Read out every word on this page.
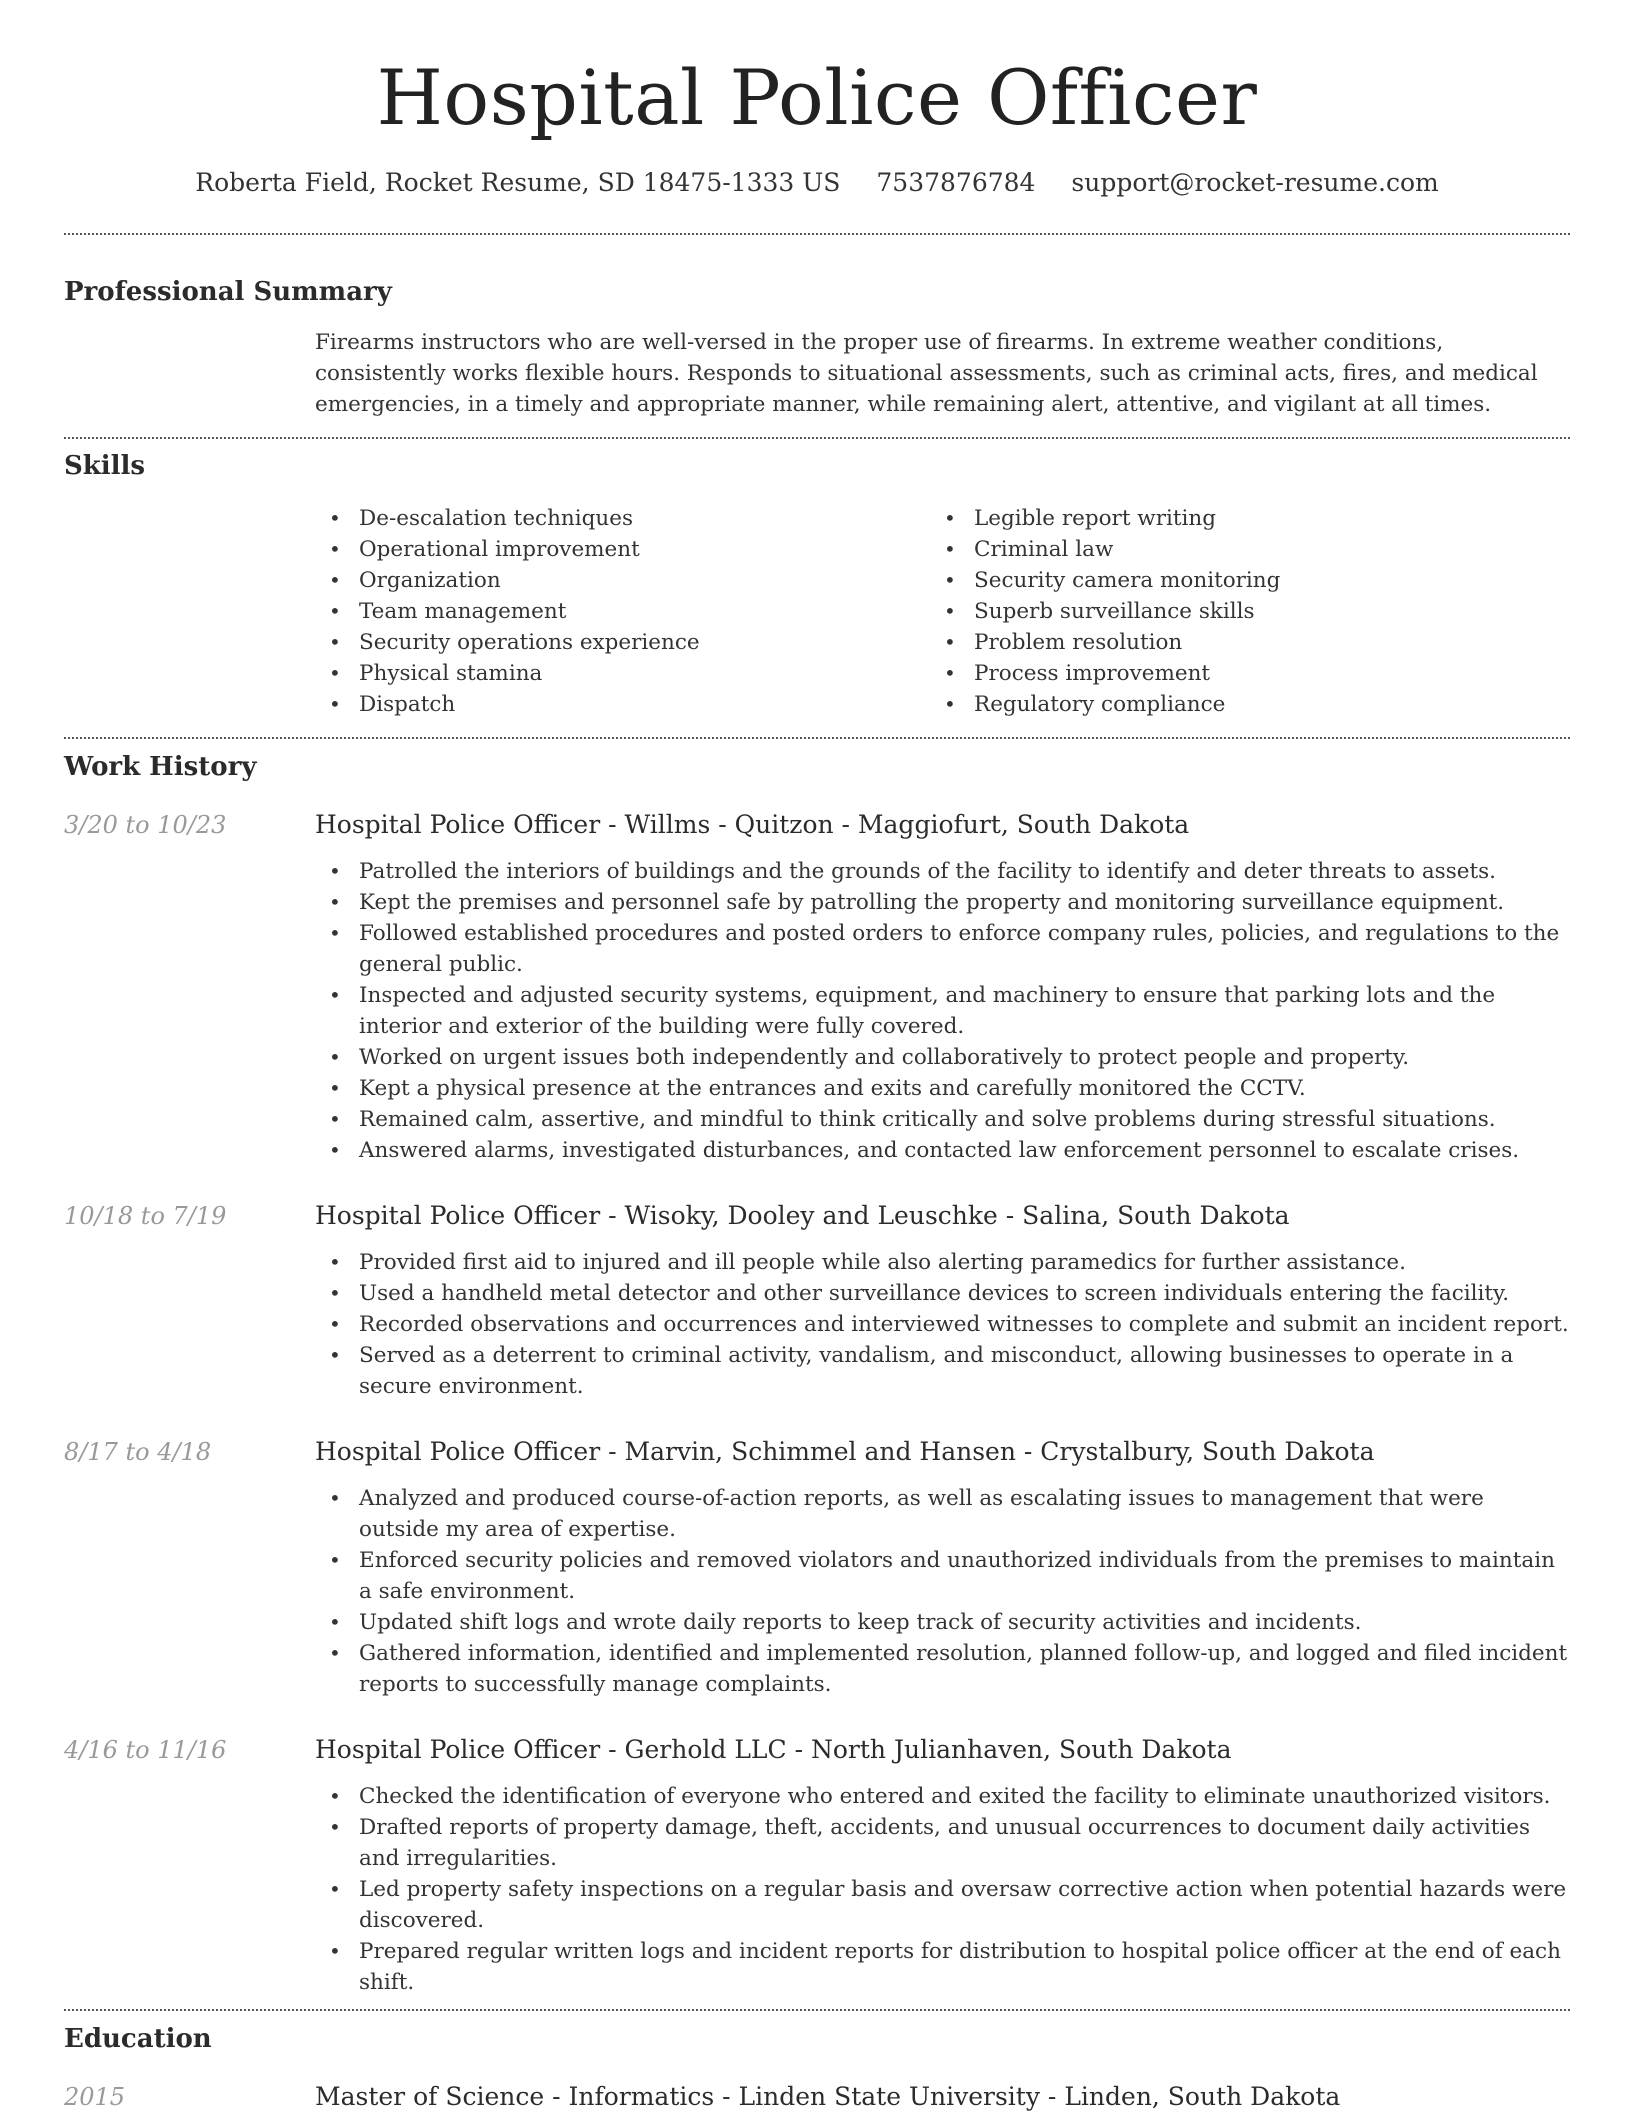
Hospital Police Officer
Roberta Field, Rocket Resume, SD 18475-1333 US 7537876784 support@rocket-resume.com
Professional Summary

Firearms instructors who are well-versed in the proper use of firearms. In extreme weather conditions, consistently works flexible hours. Responds to situational assessments, such as criminal acts, fires, and medical emergencies, in a timely and appropriate manner, while remaining alert, attentive, and vigilant at all times.

Skills
• De-escalation techniques
• Operational improvement
• Organization
• Team management
• Security operations experience
• Physical stamina
• Dispatch
• Legible report writing
• Criminal law
• Security camera monitoring
• Superb surveillance skills
• Problem resolution
• Process improvement
• Regulatory compliance
Work History
3/20 to 10/23	Hospital Police Officer - Willms - Quitzon - Maggiofurt, South Dakota
• Patrolled the interiors of buildings and the grounds of the facility to identify and deter threats to assets.
• Kept the premises and personnel safe by patrolling the property and monitoring surveillance equipment.
• Followed established procedures and posted orders to enforce company rules, policies, and regulations to the general public.
• Inspected and adjusted security systems, equipment, and machinery to ensure that parking lots and the interior and exterior of the building were fully covered.
• Worked on urgent issues both independently and collaboratively to protect people and property.
• Kept a physical presence at the entrances and exits and carefully monitored the CCTV.
• Remained calm, assertive, and mindful to think critically and solve problems during stressful situations.
• Answered alarms, investigated disturbances, and contacted law enforcement personnel to escalate crises.
10/18 to 7/19	Hospital Police Officer - Wisoky, Dooley and Leuschke - Salina, South Dakota
• Provided first aid to injured and ill people while also alerting paramedics for further assistance.
• Used a handheld metal detector and other surveillance devices to screen individuals entering the facility.
• Recorded observations and occurrences and interviewed witnesses to complete and submit an incident report.
• Served as a deterrent to criminal activity, vandalism, and misconduct, allowing businesses to operate in a secure environment.
8/17 to 4/18	Hospital Police Officer - Marvin, Schimmel and Hansen - Crystalbury, South Dakota
• Analyzed and produced course-of-action reports, as well as escalating issues to management that were outside my area of expertise.
• Enforced security policies and removed violators and unauthorized individuals from the premises to maintain a safe environment.
• Updated shift logs and wrote daily reports to keep track of security activities and incidents.
• Gathered information, identified and implemented resolution, planned follow-up, and logged and filed incident reports to successfully manage complaints.
4/16 to 11/16	Hospital Police Officer - Gerhold LLC - North Julianhaven, South Dakota
• Checked the identification of everyone who entered and exited the facility to eliminate unauthorized visitors.
• Drafted reports of property damage, theft, accidents, and unusual occurrences to document daily activities and irregularities.
• Led property safety inspections on a regular basis and oversaw corrective action when potential hazards were discovered.
• Prepared regular written logs and incident reports for distribution to hospital police officer at the end of each shift.
Education
2015	Master of Science - Informatics - Linden State University - Linden, South Dakota
